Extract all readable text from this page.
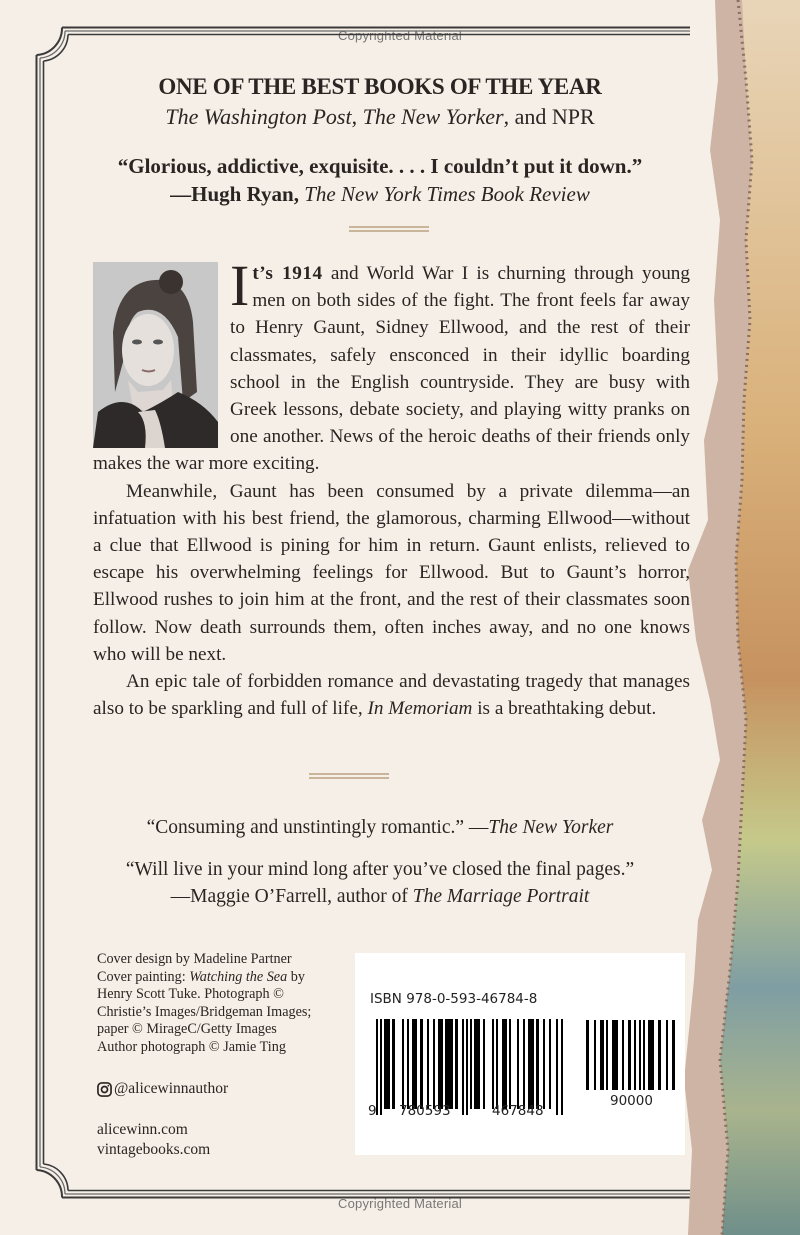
Copyrighted Material
ONE OF THE BEST BOOKS OF THE YEAR
The Washington Post, The New Yorker, and NPR
“Glorious, addictive, exquisite. . . . I couldn’t put it down.”
—Hugh Ryan, The New York Times Book Review

It’s 1914 and World War I is churning through young men on both sides of the fight. The front feels far away to Henry Gaunt, Sidney Ellwood, and the rest of their classmates, safely ensconced in their idyllic boarding school in the English countryside. They are busy with Greek lessons, debate society, and playing witty pranks on one another. News of the heroic deaths of their friends only makes the war more exciting.

Meanwhile, Gaunt has been consumed by a private dilemma—an infatuation with his best friend, the glamorous, charming Ellwood—without a clue that Ellwood is pining for him in return. Gaunt enlists, relieved to escape his overwhelming feelings for Ellwood. But to Gaunt’s horror, Ellwood rushes to join him at the front, and the rest of their classmates soon follow. Now death surrounds them, often inches away, and no one knows who will be next.

An epic tale of forbidden romance and devastating tragedy that manages also to be sparkling and full of life, In Memoriam is a breathtaking debut.

“Consuming and unstintingly romantic.” —The New Yorker
“Will live in your mind long after you’ve closed the final pages.”
—Maggie O’Farrell, author of The Marriage Portrait
Cover design by Madeline Partner
Cover painting: Watching the Sea by
Henry Scott Tuke. Photograph ©
Christie’s Images/Bridgeman Images;
paper © MirageC/Getty Images
Author photograph © Jamie Ting
@alicewinnauthor
alicewinn.com
vintagebooks.com
ISBN 978-0-593-46784-8
9 780593	467848
90000
Copyrighted Material
